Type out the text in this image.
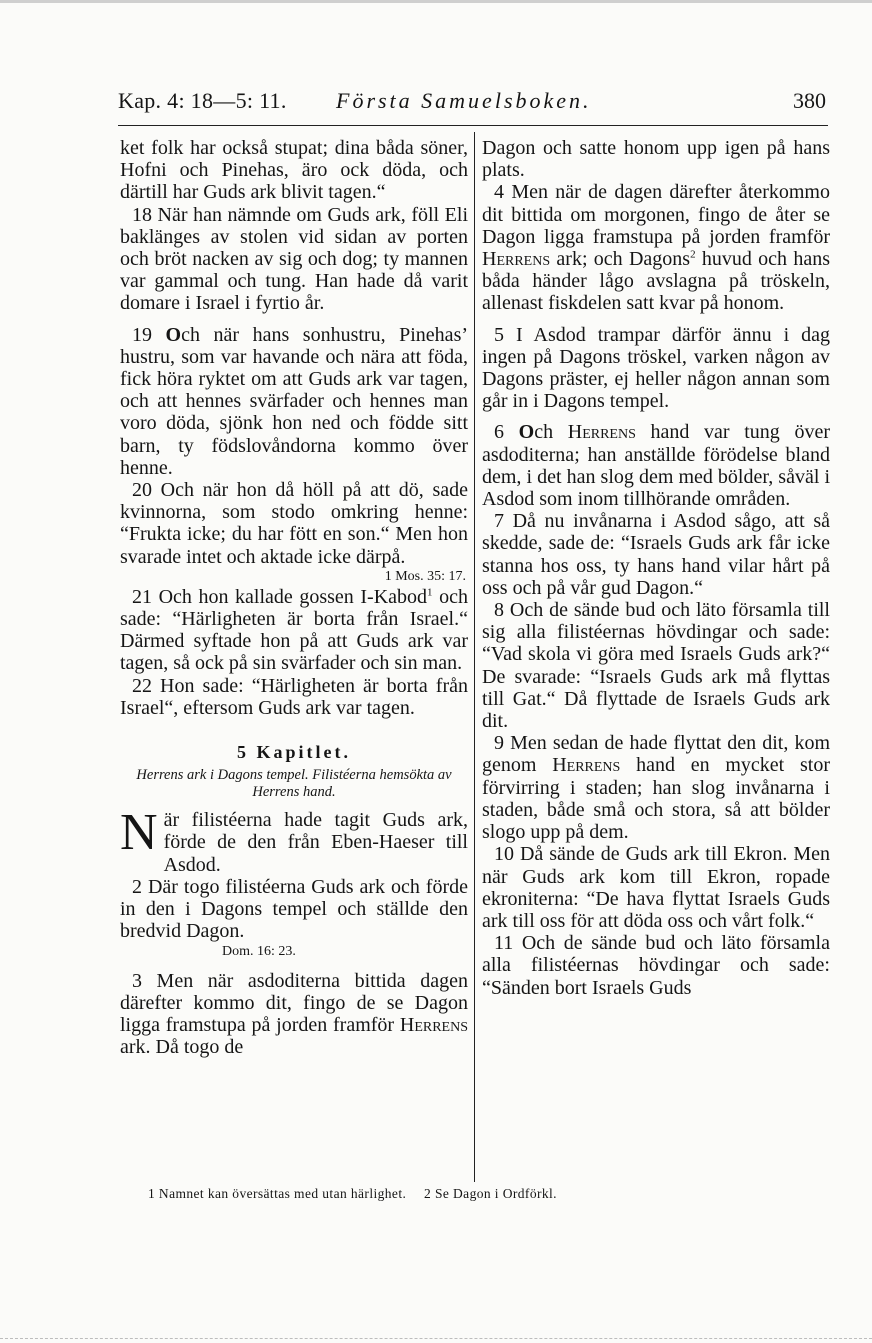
Kap. 4: 18—5: 11. Första Samuelsboken.	380

ket folk har också stupat; dina båda söner, Hofni och Pinehas, äro ock döda, och därtill har Guds ark blivit tagen.“

18 När han nämnde om Guds ark, föll Eli baklänges av stolen vid sidan av porten och bröt nacken av sig och dog; ty mannen var gammal och tung. Han hade då varit domare i Israel i fyrtio år.

19 Och när hans sonhustru, Pinehas’ hustru, som var havande och nära att föda, fick höra ryktet om att Guds ark var tagen, och att hennes svärfader och hennes man voro döda, sjönk hon ned och födde sitt barn, ty födslovåndorna kommo över henne.

20 Och när hon då höll på att dö, sade kvinnorna, som stodo omkring henne: “Frukta icke; du har fött en son.“ Men hon svarade intet och aktade icke därpå.

1 Mos. 35: 17.

21 Och hon kallade gossen I-Kabod$^1$ och sade: “Härligheten är borta från Israel.“ Därmed syftade hon på att Guds ark var tagen, så ock på sin svärfader och sin man.

22 Hon sade: “Härligheten är borta från Israel“, eftersom Guds ark var tagen.

5 Kapitlet.

Herrens ark i Dagons tempel. Filistéerna hemsökta av Herrens hand.

När filistéerna hade tagit Guds ark, förde de den från Eben-Haeser till Asdod.

2 Där togo filistéerna Guds ark och förde in den i Dagons tempel och ställde den bredvid Dagon.

Dom. 16: 23.

3 Men när asdoditerna bittida dagen därefter kommo dit, fingo de se Dagon ligga framstupa på jorden framför Herrens ark. Då togo de

Dagon och satte honom upp igen på hans plats.

4 Men när de dagen därefter återkommo dit bittida om morgonen, fingo de åter se Dagon ligga framstupa på jorden framför Herrens ark; och Dagons$^2$ huvud och hans båda händer lågo avslagna på tröskeln, allenast fiskdelen satt kvar på honom.

5 I Asdod trampar därför ännu i dag ingen på Dagons tröskel, varken någon av Dagons präster, ej heller någon annan som går in i Dagons tempel.

6 Och Herrens hand var tung över asdoditerna; han anställde förödelse bland dem, i det han slog dem med bölder, såväl i Asdod som inom tillhörande områden.

7 Då nu invånarna i Asdod sågo, att så skedde, sade de: “Israels Guds ark får icke stanna hos oss, ty hans hand vilar hårt på oss och på vår gud Dagon.“

8 Och de sände bud och läto församla till sig alla filistéernas hövdingar och sade: “Vad skola vi göra med Israels Guds ark?“ De svarade: “Israels Guds ark må flyttas till Gat.“ Då flyttade de Israels Guds ark dit.

9 Men sedan de hade flyttat den dit, kom genom Herrens hand en mycket stor förvirring i staden; han slog invånarna i staden, både små och stora, så att bölder slogo upp på dem.

10 Då sände de Guds ark till Ekron. Men när Guds ark kom till Ekron, ropade ekroniterna: “De hava flyttat Israels Guds ark till oss för att döda oss och vårt folk.“

11 Och de sände bud och läto församla alla filistéernas hövdingar och sade: “Sänden bort Israels Guds

1 Namnet kan översättas med utan härlighet. 2 Se Dagon i Ordförkl.
